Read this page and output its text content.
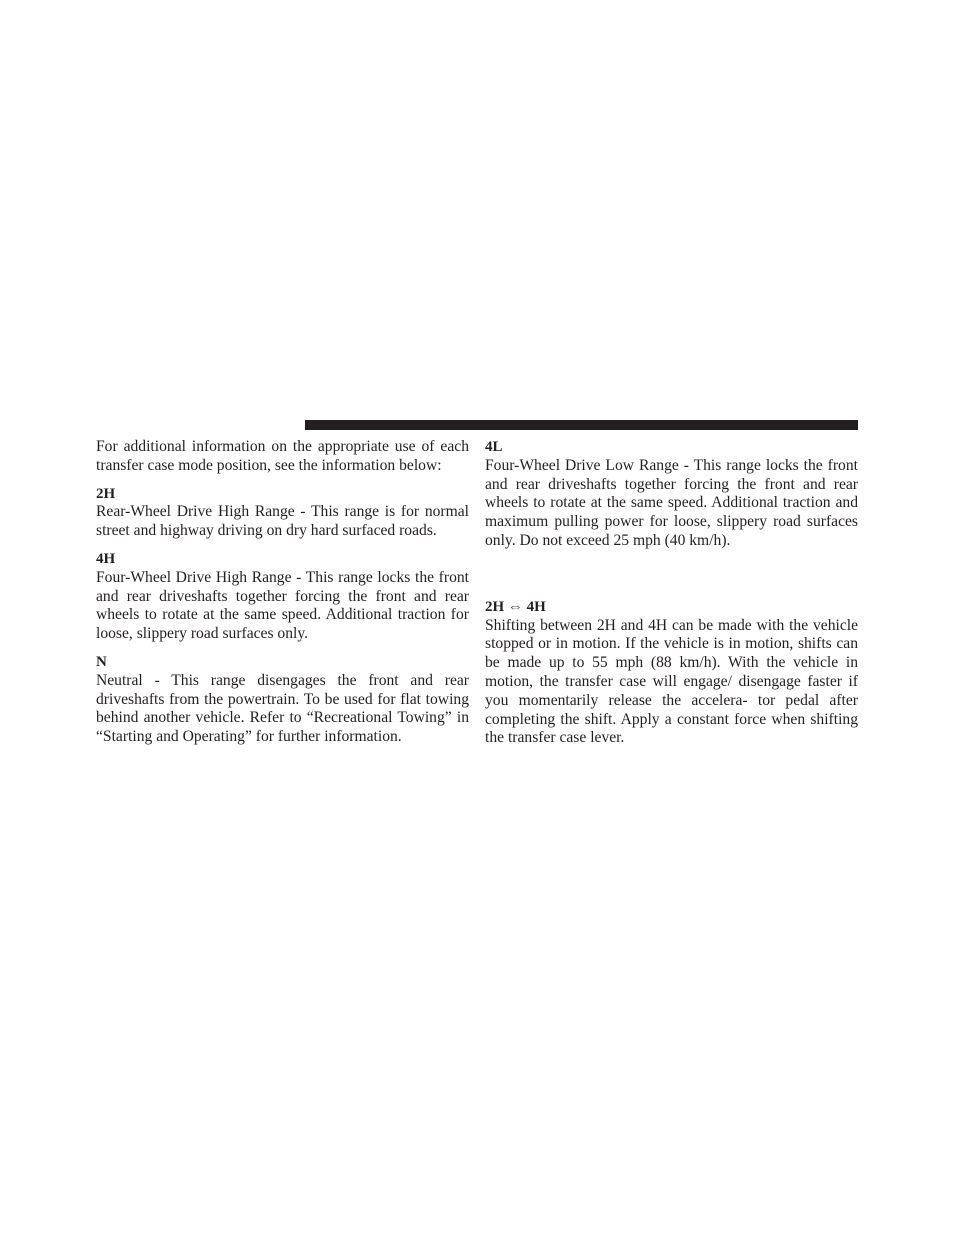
For additional information on the appropriate use of each transfer case mode position, see the information below:

2H

Rear-Wheel Drive High Range - This range is for normal street and highway driving on dry hard surfaced roads.

4H

Four-Wheel Drive High Range - This range locks the front and rear driveshafts together forcing the front and rear wheels to rotate at the same speed. Additional traction for loose, slippery road surfaces only.

N

Neutral - This range disengages the front and rear driveshafts from the powertrain. To be used for flat towing behind another vehicle. Refer to “Recreational Towing” in “Starting and Operating” for further information.

4L

Four-Wheel Drive Low Range - This range locks the front and rear driveshafts together forcing the front and rear wheels to rotate at the same speed. Additional traction and maximum pulling power for loose, slippery road surfaces only. Do not exceed 25 mph (40 km/h).

2H ⇔ 4H

Shifting between 2H and 4H can be made with the vehicle stopped or in motion. If the vehicle is in motion, shifts can be made up to 55 mph (88 km/h). With the vehicle in motion, the transfer case will engage/ disengage faster if you momentarily release the accelera- tor pedal after completing the shift. Apply a constant force when shifting the transfer case lever.
